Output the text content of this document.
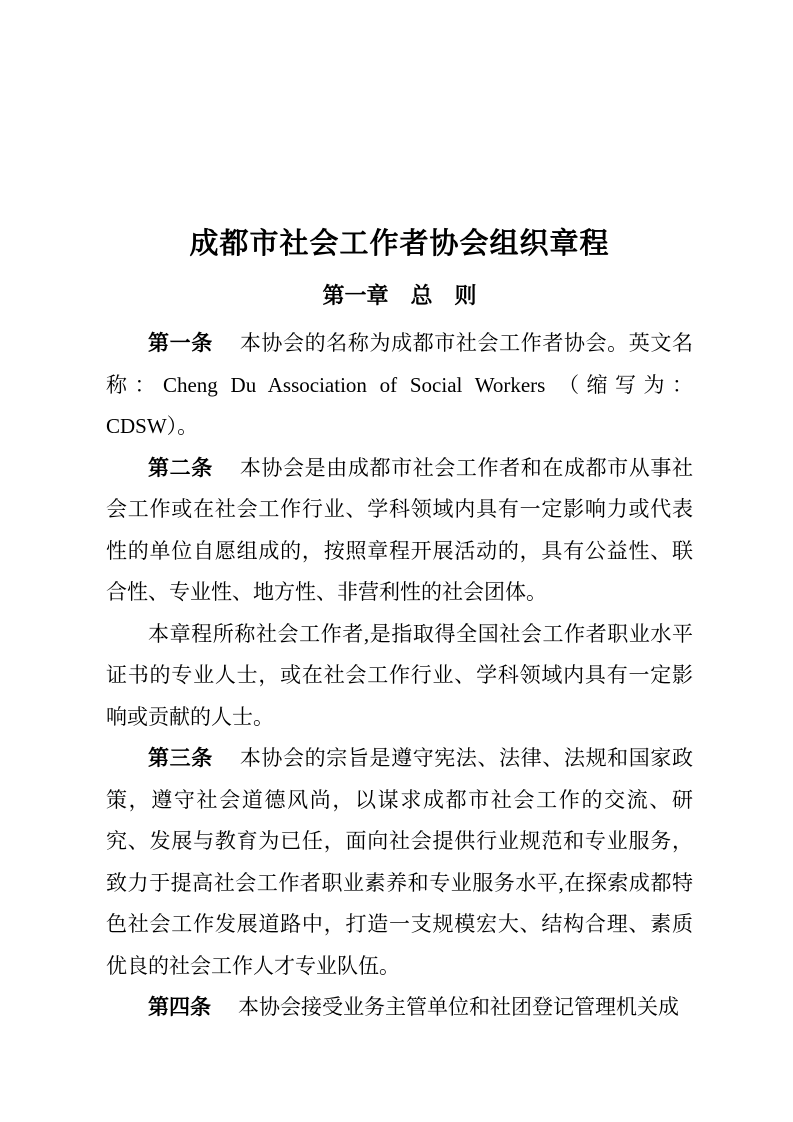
成都市社会工作者协会组织章程
第一章　总　则

第一条 本协会的名称为成都市社会工作者协会。英文名称：Cheng Du Association of Social Workers （缩写为：CDSW）。

第二条 本协会是由成都市社会工作者和在成都市从事社会工作或在社会工作行业、学科领域内具有一定影响力或代表性的单位自愿组成的，按照章程开展活动的，具有公益性、联合性、专业性、地方性、非营利性的社会团体。

本章程所称社会工作者,是指取得全国社会工作者职业水平证书的专业人士，或在社会工作行业、学科领域内具有一定影响或贡献的人士。

第三条 本协会的宗旨是遵守宪法、法律、法规和国家政策，遵守社会道德风尚，以谋求成都市社会工作的交流、研究、发展与教育为已任，面向社会提供行业规范和专业服务，致力于提高社会工作者职业素养和专业服务水平,在探索成都特色社会工作发展道路中，打造一支规模宏大、结构合理、素质优良的社会工作人才专业队伍。

第四条 本协会接受业务主管单位和社团登记管理机关成
